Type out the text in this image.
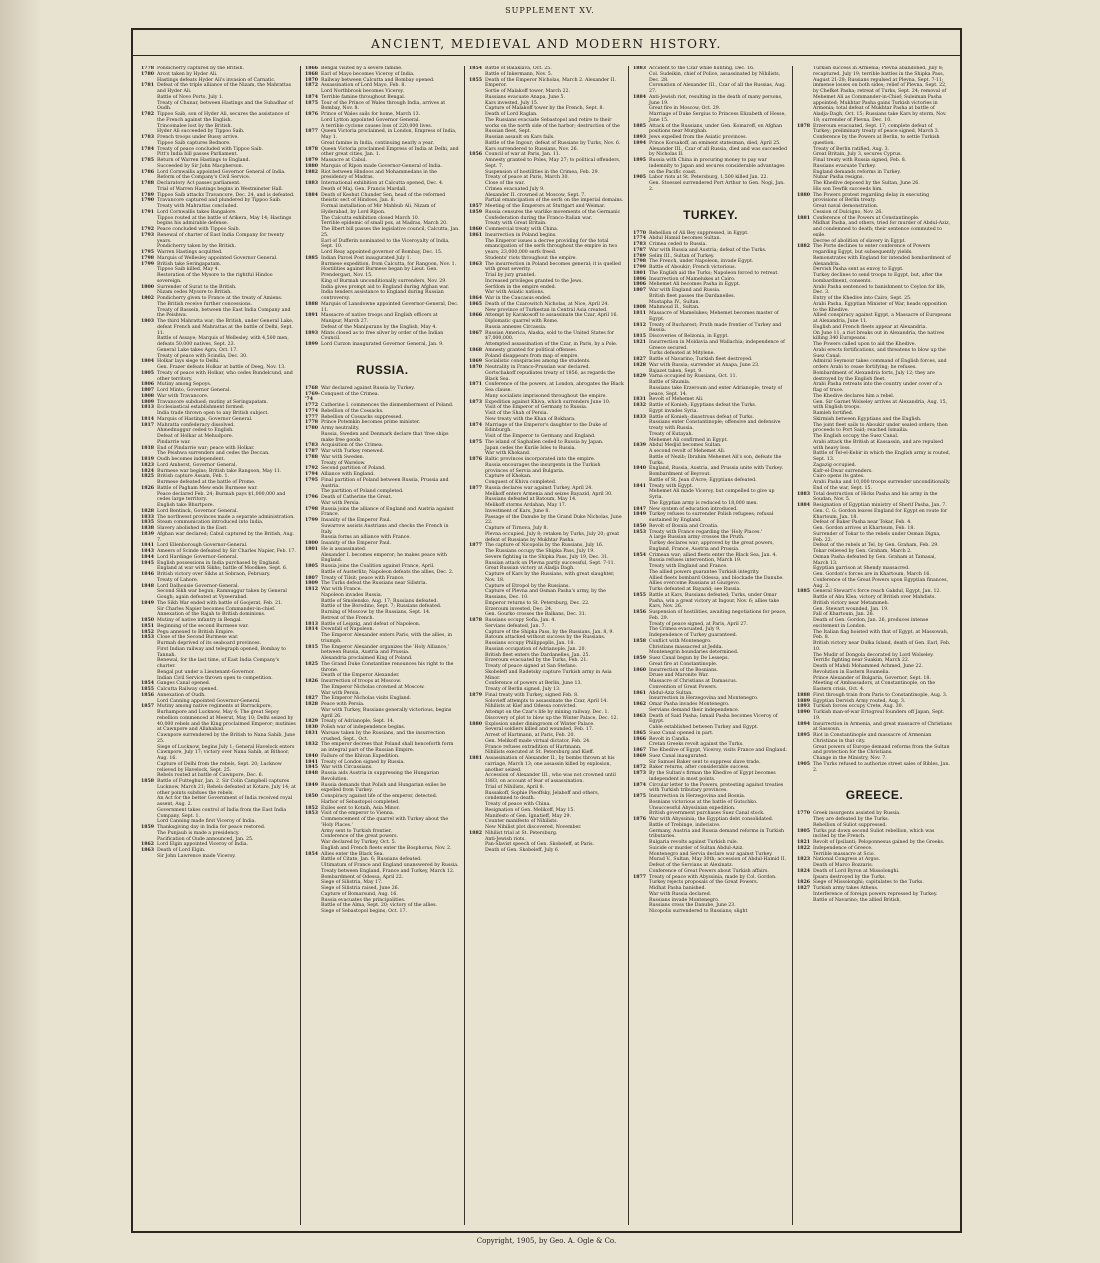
SUPPLEMENT XV.
ANCIENT, MEDIEVAL AND MODERN HISTORY.
1778 Pondicherry captured by the British.
1780 Arcot taken by Hyder Ali.
Hastings defeats Hyder Ali's invasion of Carnatic.
1781 Defeat of the triple alliance of the Nizam, the Mahrattas and Hyder Ali.
Battle of Novo Porto, July 1.
Treaty of Chunar, between Hastings and the Subadhar of Oudh.
1782 Tippoo Saib, son of Hyder Ali, secures the assistance of the French against the English.
Trincomalee lost by the British.
Hyder Ali succeeded by Tippoo Saib.
1783 French troops under Bussy arrive.
Tippoo Saib captures Bednore.
1784 Treaty of peace concluded with Tippoo Saib.
Pitt's India bill passes Parliament.
1785 Return of Warren Hastings to England.
Succeeded by Sir John Macpherson.
1786 Lord Cornwallis appointed Governor General of India.
Reform of the Company's Civil Service.
1788 Declaratory Act passes parliament.
Trial of Warren Hastings begins in Westminster Hall.
1789 Tippoo Saib attacks Travancore, Dec. 24, and is defeated.
1790 Travancore captured and plundered by Tippoo Saib.
Treaty with Mahrattas concluded.
1791 Lord Cornwallis takes Bangalore.
Tippoo routed at the battle of Arikera, May 14; Hastings begins his admirable defense.
1792 Peace concluded with Tippoo Saib.
1793 Renewal of charter of East India Company for twenty years.
Pondicherry taken by the British.
1795 Warren Hastings acquitted.
1798 Marquis of Wellesley appointed Governor General.
1799 British take Seringapatam.
Tippoo Saib killed, May 4.
Restoration of the Mysore to the rightful Hindoo sovereign.
1800 Surrender of Surat to the British.
Nizam cedes Mysore to British.
1802 Pondicherry given to France at the treaty of Amiens.
The British receive further concessions.
Treaty of Bassein, between the East India Company and the Peishwa.
1803 The third Mahratta war; the British, under General Lake, defeat French and Mahrattas at the battle of Delhi, Sept. 11.
Battle of Assaye; Marquis of Wellesley, with 4,500 men, defeats 50,000 natives, Sept. 23.
General Lake takes Agra, Oct. 17.
Treaty of peace with Scindia, Dec. 30.
1804 Holkar lays siege to Delhi.
Gen. Frazer defeats Holkar at battle of Deeg, Nov. 13.
1805 Treaty of peace with Holkar, who cedes Bundelcund, and other territory.
1806 Mutiny among Sepoys.
1807 Lord Minto, Governor General.
1808 War with Travancore.
1809 Travancore subdued; mutiny at Seringapatam.
1813 Ecclesiastical establishment formed.
India trade thrown open to any British subject.
1814 Marquis of Hastings, Governor General.
1817 Mahratta confederacy dissolved.
Ahmednuggur ceded to English.
Defeat of Holkar at Mehudpore.
Pindarrie war.
1818 End of Pindarrie war; peace with Holkar.
The Peishwa surrenders and cedes the Deccan.
1819 Oudh becomes independent.
1823 Lord Amherst, Governor General.
1824 Burmese war begins; British take Rangoon, May 11.
1825 British capture Assam, Feb. 1.
Burmese defeated at the battle of Prome.
1826 Battle of Pagham Mew ends Burmese war.
Peace declared Feb. 24; Burmah pays $1,000,000 and cedes large territory.
English take Bhurtpore.
1828 Lord Bentinck, Governor General.
1833 The northwest provinces made a separate administration.
1835 Steam communication introduced into India.
1838 Slavery abolished in the East.
1839 Afghan war declared; Cabul captured by the British, Aug. 7.
1841 Lord Ellenborough Governor-General.
1843 Ameers of Scinde defeated by Sir Charles Napier, Feb. 17.
1844 Lord Hardinge Governor-General.
1845 English possessions in India purchased by England.
England at war with Sikhs; battle of Moodkee, Sept. 6.
1846 British victory over Sikhs at Sobraon, February.
Treaty of Lahore.
1848 Lord Dalhousie Governor-General.
Second Sikh war begun; Ramnuggur taken by General Gough; again defeated at Vyseerabad.
1849 The Sikh War ended with battle of Goojerat, Feb. 21.
Sir Charles Napier becomes Commander-in-chief.
Annexation of the Rajah to British dominions.
1850 Mutiny of native infantry in Bengal.
1851 Beginning of the second Burmese war.
1852 Pegu annexed to British Empire.
1853 Close of the Second Burmese war.
Burmah deprived of its seaboard provinces.
First Indian railway and telegraph opened, Bombay to Tannah.
Renewal, for the last time, of East India Company's charter.
Bengal put under a Lieutenant-Governor.
Indian Civil Service thrown open to competition.
1854 Ganges Canal opened.
1855 Calcutta Railway opened.
1856 Annexation of Oudh.
Lord Canning appointed Governor-General.
1857 Mutiny among native regiments at Barrackpore, Burhampore and Lucknow, May 6; The great Sepoy rebellion commenced at Meerut, May 10; Delhi seized by 40,000 rebels and the King proclaimed Emperor; mutinies at Cawnpore and Allahabad.
Cawnpore surrendered by the British to Nana Sahib, June 25.
Siege of Lucknow, begins July 1; General Havelock enters Cawnpore, July 17; victory over Nana Sahib, at Bithoor, Aug. 16.
Capture of Delhi from the rebels, Sept. 20; Lucknow relieved by Havelock, Sept. 25.
Rebels routed at battle of Cawnpore, Dec. 6.
1858 Battle of Futteghur, Jan. 2. Sir Colin Campbell captures Lucknow, March 21; Rebels defeated at Kotare, July 14; at other points subdues the rebels.
An Act for the better Government of India received royal assent, Aug. 2.
Government takes control of India from the East India Company, Sept. 1.
Lord Canning made first Viceroy of India.
1859 Thanksgiving day in India for peace restored.
The Punjaub is made a presidency.
Pacification of Oude announced, Jan. 25.
1862 Lord Elgin appointed Viceroy of India.
1863 Death of Lord Elgin.
Sir John Lawrence made Viceroy.
1866 Bengal visited by a severe famine.
1868 Earl of Mayo becomes Viceroy of India.
1870 Railway between Calcutta and Bombay opened.
1872 Assassination of Lord Mayo, Feb. 8.
Lord Northbrook becomes Viceroy.
1874 Terrible famine throughout Bengal.
1875 Tour of the Prince of Wales through India, arrives at Bombay, Nov. 8.
1876 Prince of Wales sails for home, March 13.
Lord Lytton appointed Governor General.
A terrible cyclone causes loss of 220,000 lives.
1877 Queen Victoria proclaimed, in London, Empress of India, May 1.
Great famine in India, continuing nearly a year.
1878 Queen Victoria proclaimed Empress of India at Delhi, and other great cities, Jan. 1.
1879 Massacre at Cabul.
1880 Marquis of Ripon made Governor-General of India.
1882 Riot between Hindoos and Mohammedans in the presidency of Madras.
1883 International exhibition at Calcutta opened, Dec. 4.
Death of Maj. Gen. Francis Mardall.
1884 Death of Keshut Chunder Sen, head of the reformed theistic sect of Hindoos, Jan. 8.
Formal installation of Mir Mahbub Ali, Nizam of Hyderabad, by Lord Ripon.
The Calcutta exhibition closed March 10.
Terrible epidemic of small pox, at Madras, March 20.
The Ilbert bill passes the legislative council, Calcutta, Jan. 25.
Earl of Dufferin nominated to the Viceroyalty of India, Sept. 10.
Lord Reay appointed governor of Bombay, Dec. 15.
1885 Indian Parcel Post inaugurated July 1.
Burmese expedition, from Calcutta, for Rangoon, Nov. 1.
Hostilities against Burmese began by Lieut. Gen. Prendergast, Nov. 15.
King of Burmah unconditionally surrenders, Nov. 29.
India gives prompt aid to England during Afghan war.
India tenders assistance to England during Russian controversy.
1888 Marquis of Lansdowne appointed Governor-General, Dec. 11.
1891 Massacre of native troops and English officers at Manipur, March 27.
Defeat of the Manipurans by the English, May 4.
1893 Mints closed as to free silver by order of the Indian Council.
1899 Lord Curzon inaugurated Governor General, Jan. 9.
RUSSIA.
1768 War declared against Russia by Turkey.
1769-'74
Conquest of the Crimea.
1772 Catherine I. commences the dismemberment of Poland.
1774 Rebellion of the Cossacks.
1777 Rebellion of Cossacks suppressed.
1778 Prince Potemkin becomes prime minister.
1780 Army neutrality.
Russia, Sweden and Denmark declare that 'free ships make free goods.'
1783 Acquisition of the Crimea.
1787 War with Turkey renewed.
1788 War with Sweden.
Treaty of Warelow.
1792 Second partition of Poland.
1794 Alliance with England.
1795 Final partition of Poland between Russia, Prussia and Austria.
The partition of Poland completed.
1796 Death of Catherine the Great.
War with Persia.
1798 Russia joins the alliance of England and Austria against France.
1799 Insanity of the Emperor Paul.
Suwarrow assists Austrians and checks the French in Italy.
Russia forms an alliance with France.
1800 Insanity of the Emperor Paul.
1801 He is assassinated.
Alexander I. becomes emperor; he makes peace with England.
1805 Russia joins the Coalition against France, April.
Battle of Austerlitz; Napoleon defeats the allies, Dec. 2.
1807 Treaty of Tilsit; peace with France.
1809 The Turks defeat the Russians near Silistria.
1812 War with France.
Napoleon invades Russia.
Battle of Smolensko, Aug. 17; Russians defeated.
Battle of the Borodino, Sept. 7; Russians defeated.
Burning of Moscow by the Russians, Sept. 14.
Retreat of the French.
1813 Battle of Leipzig, and defeat of Napoleon.
1814 Downfall of Napoleon.
The Emperor Alexander enters Paris, with the allies, in triumph.
1815 The Emperor Alexander organizes the 'Holy Alliance,' between Russia, Austria and Prussia.
Alexandria proclaimed King of Poland.
1825 The Grand Duke Constantine renounces his right to the throne.
Death of the Emperor Alexander.
1826 Insurrection of troops at Moscow.
The Emperor Nicholas crowned at Moscow.
War with Persia.
1827 The Emperor Nicholas visits England.
1828 Peace with Persia.
War with Turkey, Russians generally victorious, begins April 26.
1829 Treaty of Adrianople, Sept. 14.
1830 Polish war of independence begins.
1831 Warsaw taken by the Russians, and the insurrection crushed, Sept., Oct.
1832 The emperor decrees that Poland shall henceforth form an integral part of the Russian Empire.
1840 Failure of the Khivan Expedition.
1841 Treaty of London signed by Russia.
1845 War with Circassians.
1848 Russia aids Austria in suppressing the Hungarian Revolution.
1849 Russia demands that Polish and Hungarian exiles be expelled from Turkey.
1850 Conspiracy against life of the emperor, detected.
Harbor of Sebastopol completed.
1852 Exiles sent to Kotaih, Asia Minor.
1853 Visit of the emperor to Vienna.
Commencement of the quarrel with Turkey about the 'Holy Places.'
Army sent to Turkish frontier.
Conference of the great powers.
War declared by Turkey, Oct. 5.
English and French fleets enter the Bosphorus, Nov. 2.
1854 Allies enter the Black Sea.
Battle of Citate, Jan. 6; Russians defeated.
Ultimatum of France and England unanswered by Russia.
Treaty between England, France and Turkey, March 12.
Bombardment of Odessa, April 22.
Siege of Silistria, May 17.
Siege of Silistria raised, June 26.
Capture of Bomarsund, Aug. 16.
Russia evacuates the principalities.
Battle of the Alma, Sept. 20; victory of the allies.
Siege of Sebastopol begins, Oct. 17.
1854 Battle of Balaklava, Oct. 25.
Battle of Inkermann, Nov. 5.
1855 Death of the Emperor Nicholas, March 2. Alexander II. Emperor.
Sortie of Malakoff tower, March 22.
Russians evacuate Anapa, June 5.
Kars invested, July 15.
Capture of Malakoff tower by the French, Sept. 8.
Death of Lord Raglan.
The Russians evacuate Sebastopol and retire to their works on the north side of the harbor; destruction of the Russian fleet, Sept.
Russian assault on Kars fails.
Battle of the Ingour; defeat of Russians by Turks, Nov. 6.
Kars surrendered to Russians, Nov. 26.
1856 Council of war at Paris, Jan. 11.
Amnesty granted to Poles, May 27; to political offenders, Sept. 7.
Suspension of hostilities in the Crimea, Feb. 29.
Treaty of peace at Paris, March 30.
Close of the war.
Crimea evacuated July 9.
Alexander II. crowned at Moscow, Sept. 7.
Partial emancipation of the serfs on the imperial domains.
1857 Meeting of the Emperors at Stuttgart and Weimar.
1859 Russia censures the warlike movements of the Germanic Confederation during the Franco-Italian war.
Treaty with Great Britain.
1860 Commercial treaty with China.
1861 Insurrection in Poland begins.
The Emperor issues a decree providing for the total emancipation of the serfs throughout the empire in two years; 23,000,000 serfs freed.
Students' riots throughout the empire.
1863 The insurrection in Poland becomes general; it is quelled with great severity.
Trial by jury granted.
Increased privileges granted to the Jews.
Serfdom in the empire ended.
War with Asiatic nations.
1864 War in the Caucasus ended.
1865 Death of the Czarowitch Nicholas, at Nice, April 24.
New province of Turkestan in Central Asia created.
1866 Attempt by Karakosoff to assassinate the Czar, April 16.
Diplomatic quarrel with Rome.
Russia annexes Circassia.
1867 Russian America, Alaska, sold to the United States for $7,000,000.
Attempted assassination of the Czar, in Paris, by a Pole.
1868 Amnesty granted for political offenses.
Poland disappears from map of empire.
1869 Socialistic conspiracies among the students.
1870 Neutrality in Franco-Prussian war declared.
Gortschakoff repudiates treaty of 1856, as regards the Black Sea.
1871 Conference of the powers, at London, abrogates the Black Sea clause.
Many socialists imprisoned throughout the empire.
1873 Expedition against Khiva, which surrenders June 10.
Visit of the Emperor of Germany to Russia.
Visit of the Shah of Persia.
New treaty with the Khan of Bokhara.
1874 Marriage of the Emperor's daughter to the Duke of Edinburgh.
Visit of the Emperor to Germany and England.
1875 The island of Saghalien ceded to Russia by Japan.
Japan cedes the Kurile Isles to Russia.
War with Khokand.
1876 Baltic provinces incorporated into the empire.
Russia encourages the insurgents in the Turkish provinces of Servia and Bulgaria.
Capture of Khokan.
Conquest of Khiva completed.
1877 Russia declares war against Turkey, April 24.
Melikoff enters Armenia and seizes Bayazid, April 30.
Russians defeated at Batoum, May 14.
Melikoff storms Ardahan, May 17.
Investment of Kars, June 8.
Passage of the Danube by the Grand Duke Nicholas, June 22.
Capture of Tirnova, July 8.
Plevna occupied, July 8; retaken by Turks, July 20; great defeat of Russians by Mukhtar Pasha.
1877 The capture of Nicopolis by the Russians, July 16.
The Russians occupy the Shipka Pass, July 19.
Severe fighting in the Shipka Pass, July 19, Dec. 31.
Russian attack on Plevna partly successful, Sept. 7-11.
Great Russian victory at Aladja Dagh.
Capture of Kars by the Russians, with great slaughter, Nov. 18.
Capture of Etropol by the Russians.
Capture of Plevna and Osman Pasha's army, by the Russians, Dec. 10.
Emperor returns to St. Petersburg, Dec. 22.
Erzeroum invested, Dec. 24.
Gen. Gourko crosses the Balkans, Dec. 31.
1878 Russians occupy Sofia, Jan. 4.
Servians defeated, Jan. 7.
Capture of the Shipka Pass, by the Russians, Jan. 8, 9.
Batoum attacked without success by the Russians.
Russians occupy Philippoplis, Jan. 18.
Russian occupation of Adrianople, Jan. 20.
British fleet enters the Dardanelles, Jan. 25.
Erzeroum evacuated by the Turks, Feb. 21.
Treaty of peace signed at San Stefano.
Skobeleff and Radetsky capture Turkish army in Asia Minor.
Conference of powers at Berlin, June 13.
Treaty of Berlin signed, July 13.
1879 Final treaty with Turkey, signed Feb. 8.
Solovieff attempts to assassinate the Czar, April 14.
Nihilists at Kief and Odessa convicted.
Attempt on the Czar's life by mining railway, Dec. 1.
Discovery of plot to blow up the Winter Palace, Dec. 12.
1880 Explosion under diningroom of Winter Palace.
Several soldiers killed and wounded, Feb. 17.
Arrest of Hartmann, at Paris, Feb. 20.
Gen. Melikoff made virtual dictator, Feb. 24.
France refuses extradition of Hartmann.
Nihilists executed at St. Petersburg and Kieff.
1881 Assassination of Alexander II., by bombs thrown at his carriage, March 13; one assassin killed by explosion, another seized.
Accession of Alexander III., who was not crowned until 1883, on account of fear of assassination.
Trial of Nihilists, April 8.
Russakoff, Sophie Pieoffsky, Jelaboff and others, condemned to death.
Treaty of peace with China.
Resignation of Gen. Melikoff, May 15.
Manifesto of Gen. Ignatieff, May 29.
Counter manifesto of Nihilists.
New Nihilist plot discovered, November.
1882 Nihilist trial at St. Petersburg.
Anti-Jewish riots.
Pan-Slavist speech of Gen. Skobeleff, at Paris.
Death of Gen. Skobeleff, July 6.
1883 Accident to the Czar while hunting, Dec. 16.
Col. Sudeikin, chief of Police, assassinated by Nihilists, Dec. 28.
Coronation of Alexander III., Czar of all the Russias, Aug. 27.
1884 Anti-Jewish riot, resulting in the death of many persons, June 19.
Great fire in Moscow, Oct. 29.
Marriage of Duke Sergius to Princess Elizabeth of Hesse, June 15.
1885 Attack of the Russians, under Gen. Komaroff, on Afghan positions near Murghab.
1893 Jews expelled from the Asiatic provinces.
1894 Prince Korsakoff, an eminent statesman, died, April 25.
Alexander III., Czar of all Russia, died and was succeeded by Nicholas II.
1895 Russia with China in procuring money to pay war indemnity to Japan and secures considerable advantages on the Pacific coast.
1905 Labor riots at St. Petersburg, 1,500 killed Jan. 22.
Gen. Stoessel surrendered Port Arthur to Gen. Nogi, Jan. 2.
TURKEY.
1770 Rebellion of Ali Bey suppressed, in Egypt.
1774 Abdul Hamid becomes Sultan.
1783 Crimea ceded to Russia.
1787 War with Russia and Austria; defeat of the Turks.
1789 Selim III., Sultan of Turkey.
1798 The French, under Napoleon, invade Egypt.
1799 Battle of Aboukir; French victorious.
1801 The English aid the Turks; Napoleon forced to retreat.
1806 Insurrection of Mamelukes at Cairo.
1806 Mehemet Ali becomes Pasha in Egypt.
1807 War with England and Russia.
British fleet passes the Dardanelles.
Mustapha IV., Sultan.
1808 Mahmoud II., Sultan.
1811 Massacre of Mamelukes; Mehemet becomes master of Egypt.
1812 Treaty of Bucharest; Pruth made frontier of Turkey and Russia.
1815 Discoveries of Belzonia, in Egypt.
1821 Insurrection in Moldavia and Wallachia; independence of Greece secured.
Turks defeated at Mitylene.
1827 Battle of Navarino; Turkish fleet destroyed.
1828 War with Russia; surrender at Anapa, June 23.
Bajazet taken, Sept. 9.
1829 Varna occupied by Russians, Oct. 11.
Battle of Shumla.
Russians take Erzeroum and enter Adrianople; treaty of peace, Sept. 14.
1831 Revolt of Mehemet Ali.
1832 Battle of Konieh; Egyptians defeat the Turks.
Egypt invades Syria.
1833 Battle of Konieh; disastrous defeat of Turks.
Russians enter Constantinople; offensive and defensive treaty with Russia.
Treaty of Kutayah.
Mehemet Ali confirmed in Egypt.
1839 Abdul Medjid becomes Sultan.
A second revolt of Mehemet Ali.
Battle of Nezib; Ibrahim Mehemet Ali's son, defeats the Turks.
1840 England, Russia, Austria, and Prussia unite with Turkey.
Bombardment of Beyrout.
Battle of St. Jean d'Acre; Egyptians defeated.
1841 Treaty with Egypt.
Mehemet Ali made Viceroy, but compelled to give up Syria.
The Egyptian army is reduced to 18,000 men.
1847 New system of education introduced.
1849 Turkey refuses to surrender Polish refugees; refusal sustained by England.
1850 Revolt of Bosnia and Croatia.
1853 Treaty with France regarding the 'Holy Places.'
A large Russian army crosses the Pruth.
Turkey declares war; approved by the great powers, England, France, Austria and Prussia.
1854 Crimean war; allied fleets enter the Black Sea, Jan. 4.
Russia refuses intervention, March 19.
Treaty with England and France.
The allied powers guarantee Turkish integrity.
Allied fleets bombard Odessa, and blockade the Danube.
Allies overcome Russians at Giurgevo.
Turks defeated at Bayazid; see Russia.
1855 Battle at Kars, Russians defeated; Turks, under Omar Pasha, win a great victory at Ingour, Nov. 6; allies take Kars, Nov. 26.
1856 Suspension of hostilities, awaiting negotiations for peace, Feb. 29.
Treaty of peace signed, at Paris, April 27.
The Crimea evacuated, July 9.
Independence of Turkey guaranteed.
1858 Conflict with Montenegro.
Christians massacred at Jedda.
Montenegrin boundaries determined.
1859 Suez Canal begun by De Lesseps.
Great fire at Constantinople.
1860 Insurrection of the Bosnians.
Druse and Maronite War.
Massacre of Christians at Damascus.
Convention of Great Powers.
1861 Abdul-Aziz Sultan.
Insurrection in Herzegovina and Montenegro.
1862 Omar Pasha invades Montenegro.
Servians demand their independence.
1863 Death of Said Pasha; Ismail Pasha becomes Viceroy of Egypt.
Cable established between Turkey and Egypt.
1865 Suez Canal opened in part.
1866 Revolt in Candia.
Cretan Greeks revolt against the Turks.
1867 The Khedive of Egypt, Viceroy, visits France and England.
1869 Suez Canal inaugurated.
Sir Samuel Baker sent to suppress slave trade.
1872 Baker returns, after considerable success.
1873 By the Sultan's firman the Khedive of Egypt becomes independent in most points.
1874 Circular letter to the Powers, protesting against treaties with Turkish tributary provinces.
1875 Insurrection in Herzegovina and Bosnia.
Bosnians victorious at the battle of Gutschko.
Unsuccessful Abyssinian expedition.
British government purchases Suez Canal stock.
1876 War with Abyssinia; the Egyptian debt consolidated.
Battle of Trebinge, indecisive.
Germany, Austria and Russia demand reforms in Turkish tributaries.
Bulgaria revolts against Turkish rule.
Suicide or murder of Sultan Abdul-Aziz.
Montenegro and Servia declare war against Turkey.
Murad V., Sultan, May 30th; accession of Abdul-Hamid II.
Defeat of the Servians at Alexinatz.
Conference of Great Powers about Turkish affairs.
1877 Treaty of peace with Abyssinia, made by Col. Gordon.
Turkey rejects proposals of the Great Powers.
Midhat Pasha banished.
War with Russia declared.
Russians invade Montenegro.
Russians cross the Danube, June 23.
Nicopolis surrendered to Russians; slight
Turkish success in Armenia; Plevna abandoned, July 8; recaptured, July 19; terrible battles in the Shipka Pass, August 21-28; Russians repulsed at Plevna, Sept. 7-11; immense losses on both sides; relief of Plevna, Sept. 22, by Chefket Pasha; retreat of Turks, Sept. 24; removal of Mehemet Ali as Commander-in-Chief; Suleiman Pasha appointed; Mukhtar Pasha gains Turkish victories in Armenia; total defeat of Mukhtar Pasha at battle of Aladja-Dagh, Oct. 15; Russians take Kars by storm, Nov. 18; surrender of Plevna, Dec. 10.
1878 Erzeroum evacuated, Sept. 17; complete defeat of Turkey; preliminary treaty of peace signed, March 3.
Conference by the Powers at Berlin, to settle Turkish question.
Treaty of Berlin ratified, Aug. 3.
Great Britain, July 3, secures Cyprus.
Final treaty with Russia signed, Feb. 8.
Russians evacuate Turkey.
England demands reforms in Turkey.
Nubar Pasha resigns.
The Khedive deposed by the Sultan, June 26.
His son Tewfik succeeds him.
1880 The Powers protest regarding delay in executing provisions of Berlin treaty.
Great naval demonstration.
Cession of Dulcigno, Nov. 26.
1881 Conference of the Powers at Constantinople.
Midhat Pasha, and others, tried for murder of Abdul-Aziz, and condemned to death; their sentence commuted to exile.
Decree of abolition of slavery in Egypt.
1882 The Porte declines to enter conference of Powers regarding Egypt, but subsequently yields.
Remonstrates with England for intended bombardment of Alexandria.
Dervish Pasha sent as envoy to Egypt.
Turkey declines to send troops to Egypt, but, after the bombardment, consents.
Arabi Pasha sentenced to banishment to Ceylon for life, Dec. 3.
Entry of the Khedive into Cairo, Sept. 25.
Arabi Pasha, Egyptian Minister of War, heads opposition to the Khedive.
Allied conspiracy against Egypt, a Massacre of Europeans at Alexandria, June 11.
English and French fleets appear at Alexandria.
On June 11, a riot breaks out in Alexandria, the natives killing 340 Europeans.
The Powers called upon to aid the Khedive.
Arabi erects fortifications, and threatens to blow up the Suez Canal.
Admiral Seymour takes command of English forces, and orders Arabi to cease fortifying; he refuses.
Bombardment of Alexandria forts, July 12; they are destroyed by the English fleet.
Arabi Pasha retreats into the country under cover of a flag of truce.
The Khedive declares him a rebel.
Gen. Sir Garnet Wolseley arrives at Alexandria, Aug. 15, with English troops.
Ramleh fortified.
Skirmish between Egyptians and the English.
The joint fleet sails to Aboukir under sealed orders; then proceeds to Port Said; reached Ismailia.
The English occupy the Suez Canal.
Arabi attack the British at Kassassin, and are repulsed with heavy loss.
Battle of Tel-el-Kebir in which the English army is routed, Sept. 13.
Zagazig occupied.
Kafr-el-Dwar surrenders.
Cairo opens its gates.
Arabi Pasha and 10,000 troops surrender unconditionally.
End of the war, Sept. 15.
1883 Total destruction of Hicks Pasha and his army in the Soudan, Nov. 5.
1884 Resignation of Egyptian ministry of Sherif Pasha, Jan. 7.
Gen. C. G. Gordon leaves England for Egypt en route for Khartoum, Jan. 18.
Defeat of Baker Pasha near Tokar, Feb. 4.
Gen. Gordon arrives at Khartoum, Feb. 18.
Surrender of Tokar to the rebels under Osman Digna, Feb. 22.
Defeat of the rebels at Tel, by Gen. Graham, Feb. 29.
Tokar relieved by Gen. Graham, March 2.
Osman Pasha defeated by Gen. Graham at Tamasai, March 13.
Egyptian garrison at Shendy massacred.
Gen. Gordon's forces are in Khartoum, March 16.
Conference of the Great Powers upon Egyptian finances, Aug. 2.
1885 General Stewart's force reach Gakdul, Egypt, Jan. 12.
Battle of Abu Klea, victory of British over Mahdists.
British victory near Metammeh.
Gen. Stewart wounded, Jan. 19.
Fall of Khartoum, Jan. 26.
Death of Gen. Gordon, Jan. 26, produces intense excitement in London.
The Italian flag hoisted with that of Egypt, at Massowah, Feb. 8.
British victory near Dulka Island, death of Gen. Earl, Feb. 10.
The Mudir of Dongola decorated by Lord Wolseley.
Terrific fighting near Suakim, March 22.
Death of Mahdi Mohammed Achmed, June 22.
Revolution in Eastern Roumelia.
Prince Alexander of Bulgaria, Governor, Sept. 18.
Meeting of Ambassadors, at Constantinople, on the Eastern crisis, Oct. 4.
1888 First through train from Paris to Constantinople, Aug. 3.
1889 Egyptian Dervish Army routed, Aug. 3.
1893 Turkish forces occupy Crete, Aug. 30.
1890 Turkish man-of-war Ertogroul founders off Japan, Sept. 19.
1894 Insurrection in Armenia, and great massacre of Christians at Sassoun.
1895 Riot in Constantinople and massacre of Armenian Christians in that city.
Great powers of Europe demand reforms from the Sultan and protection for the Christians.
Change in the Ministry, Nov. 7.
1905 The Turks refused to authorize street sales of Bibles, Jan. 2.
GREECE.
1770 Greek insurgents assisted by Russia.
They are defeated by the Turks.
Rebellion of Suliot suppressed.
1805 Turks put down second Suliot rebellion, which was incited by the French.
1821 Revolt of Ipsilanti; Peloponnesus gained by the Greeks.
1822 Independence of Greece.
Terrible massacre at Scio.
1823 National Congress at Argos.
Death of Marco Bozzaris.
1824 Death of Lord Byron at Missolonghi.
Ipsara destroyed by the Turks.
1826 Siege of Missolonghi; capitulates to the Turks.
1827 Turkish army takes Athens.
Interference of foreign powers repressed by Turkey.
Battle of Navarino; the allied British,
Copyright, 1905, by Geo. A. Ogle & Co.
